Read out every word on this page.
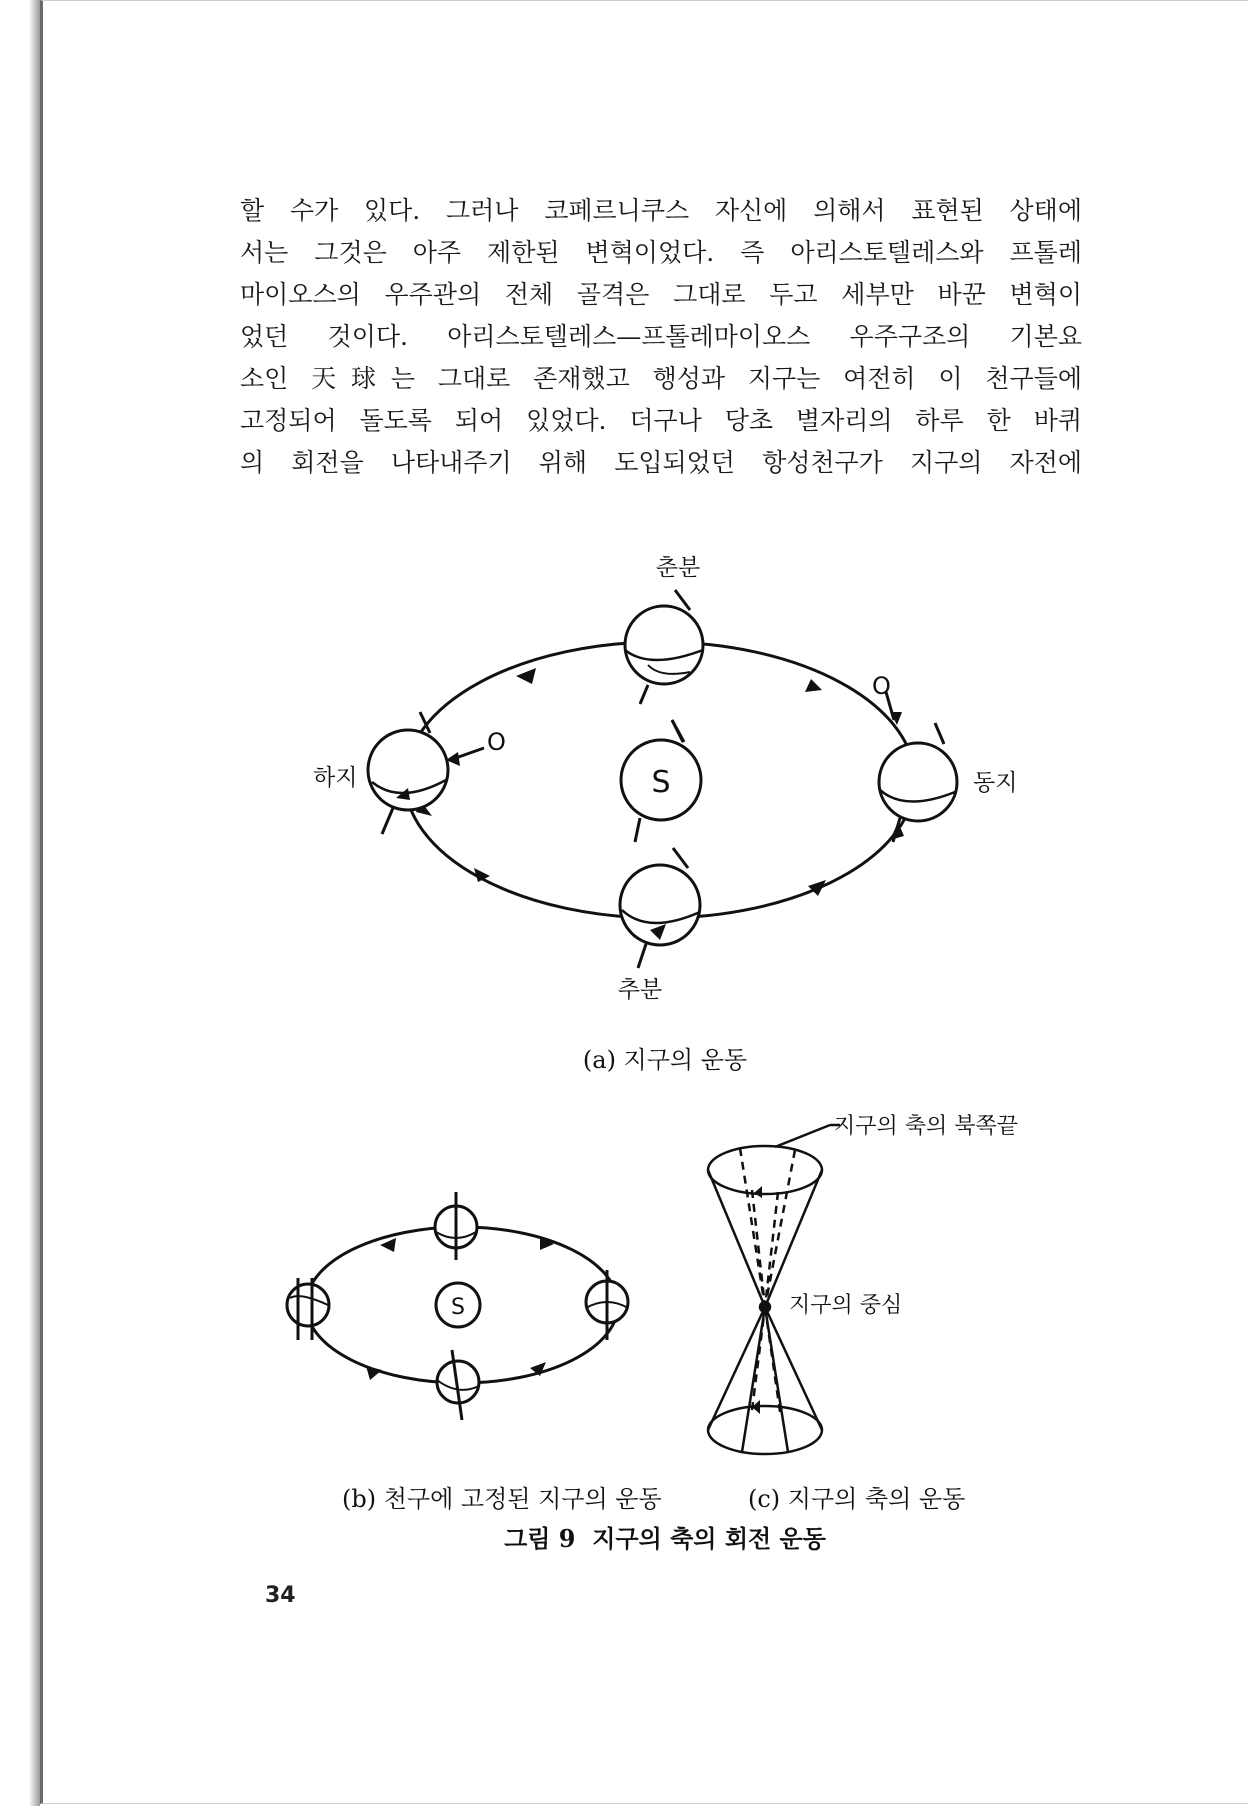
할 수가 있다. 그러나 코페르니쿠스 자신에 의해서 표현된 상태에
서는 그것은 아주 제한된 변혁이었다. 즉 아리스토텔레스와 프톨레
마이오스의 우주관의 전체 골격은 그대로 두고 세부만 바꾼 변혁이
었던 것이다. 아리스토텔레스—프톨레마이오스 우주구조의 기본요
소인 天球는 그대로 존재했고 행성과 지구는 여전히 이 천구들에
고정되어 돌도록 되어 있었다. 더구나 당초 별자리의 하루 한 바퀴
의 회전을 나타내주기 위해 도입되었던 항성천구가 지구의 자전에
춘분
하지	동지
추분
S
O
O
(a) 지구의 운동
S
(b) 천구에 고정된 지구의 운동
지구의 축의 북쪽끝
지구의 중심
(c) 지구의 축의 운동
그림 9  지구의 축의 회전 운동
34
